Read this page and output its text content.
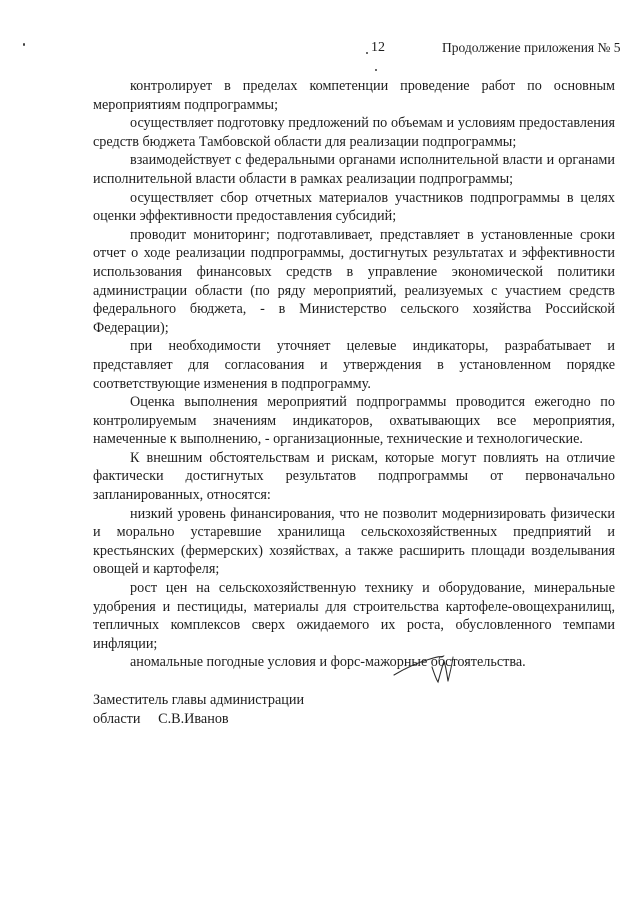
12	Продолжение приложения № 5

контролирует в пределах компетенции проведение работ по основным мероприятиям подпрограммы;

осуществляет подготовку предложений по объемам и условиям предоставления средств бюджета Тамбовской области для реализации подпрограммы;

взаимодействует с федеральными органами исполнительной власти и органами исполнительной власти области в рамках реализации подпрограммы;

осуществляет сбор отчетных материалов участников подпрограммы в целях оценки эффективности предоставления субсидий;

проводит мониторинг; подготавливает, представляет в установленные сроки отчет о ходе реализации подпрограммы, достигнутых результатах и эффективности использования финансовых средств в управление экономической политики администрации области (по ряду мероприятий, реализуемых с участием средств федерального бюджета, - в Министерство сельского хозяйства Российской Федерации);

при необходимости уточняет целевые индикаторы, разрабатывает и представляет для согласования и утверждения в установленном порядке соответствующие изменения в подпрограмму.

Оценка выполнения мероприятий подпрограммы проводится ежегодно по контролируемым значениям индикаторов, охватывающих все мероприятия, намеченные к выполнению, - организационные, технические и технологические.

К внешним обстоятельствам и рискам, которые могут повлиять на отличие фактически достигнутых результатов подпрограммы от первоначально запланированных, относятся:

низкий уровень финансирования, что не позволит модернизировать физически и морально устаревшие хранилища сельскохозяйственных предприятий и крестьянских (фермерских) хозяйствах, а также расширить площади возделывания овощей и картофеля;

рост цен на сельскохозяйственную технику и оборудование, минеральные удобрения и пестициды, материалы для строительства картофеле-овощехранилищ, тепличных комплексов сверх ожидаемого их роста, обусловленного темпами инфляции;

аномальные погодные условия и форс-мажорные обстоятельства.

Заместитель главы администрации
области     С.В.Иванов
